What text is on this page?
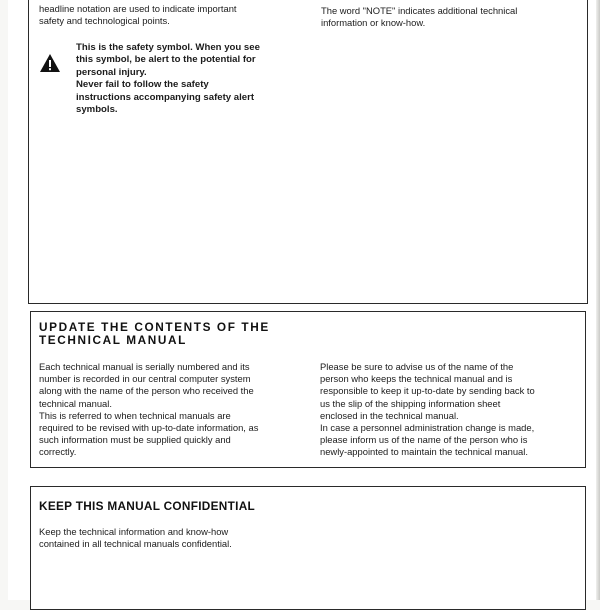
headline notation are used to indicate important
safety and technological points.

This is the safety symbol. When you see
this symbol, be alert to the potential for
personal injury.
Never fail to follow the safety
instructions accompanying safety alert
symbols.

The word "NOTE" indicates additional technical
information or know-how.

UPDATE THE CONTENTS OF THE
TECHNICAL MANUAL

Each technical manual is serially numbered and its
number is recorded in our central computer system
along with the name of the person who received the
technical manual.
This is referred to when technical manuals are
required to be revised with up-to-date information, as
such information must be supplied quickly and
correctly.

Please be sure to advise us of the name of the
person who keeps the technical manual and is
responsible to keep it up-to-date by sending back to
us the slip of the shipping information sheet
enclosed in the technical manual.
In case a personnel administration change is made,
please inform us of the name of the person who is
newly-appointed to maintain the technical manual.

KEEP THIS MANUAL CONFIDENTIAL

Keep the technical information and know-how
contained in all technical manuals confidential.
